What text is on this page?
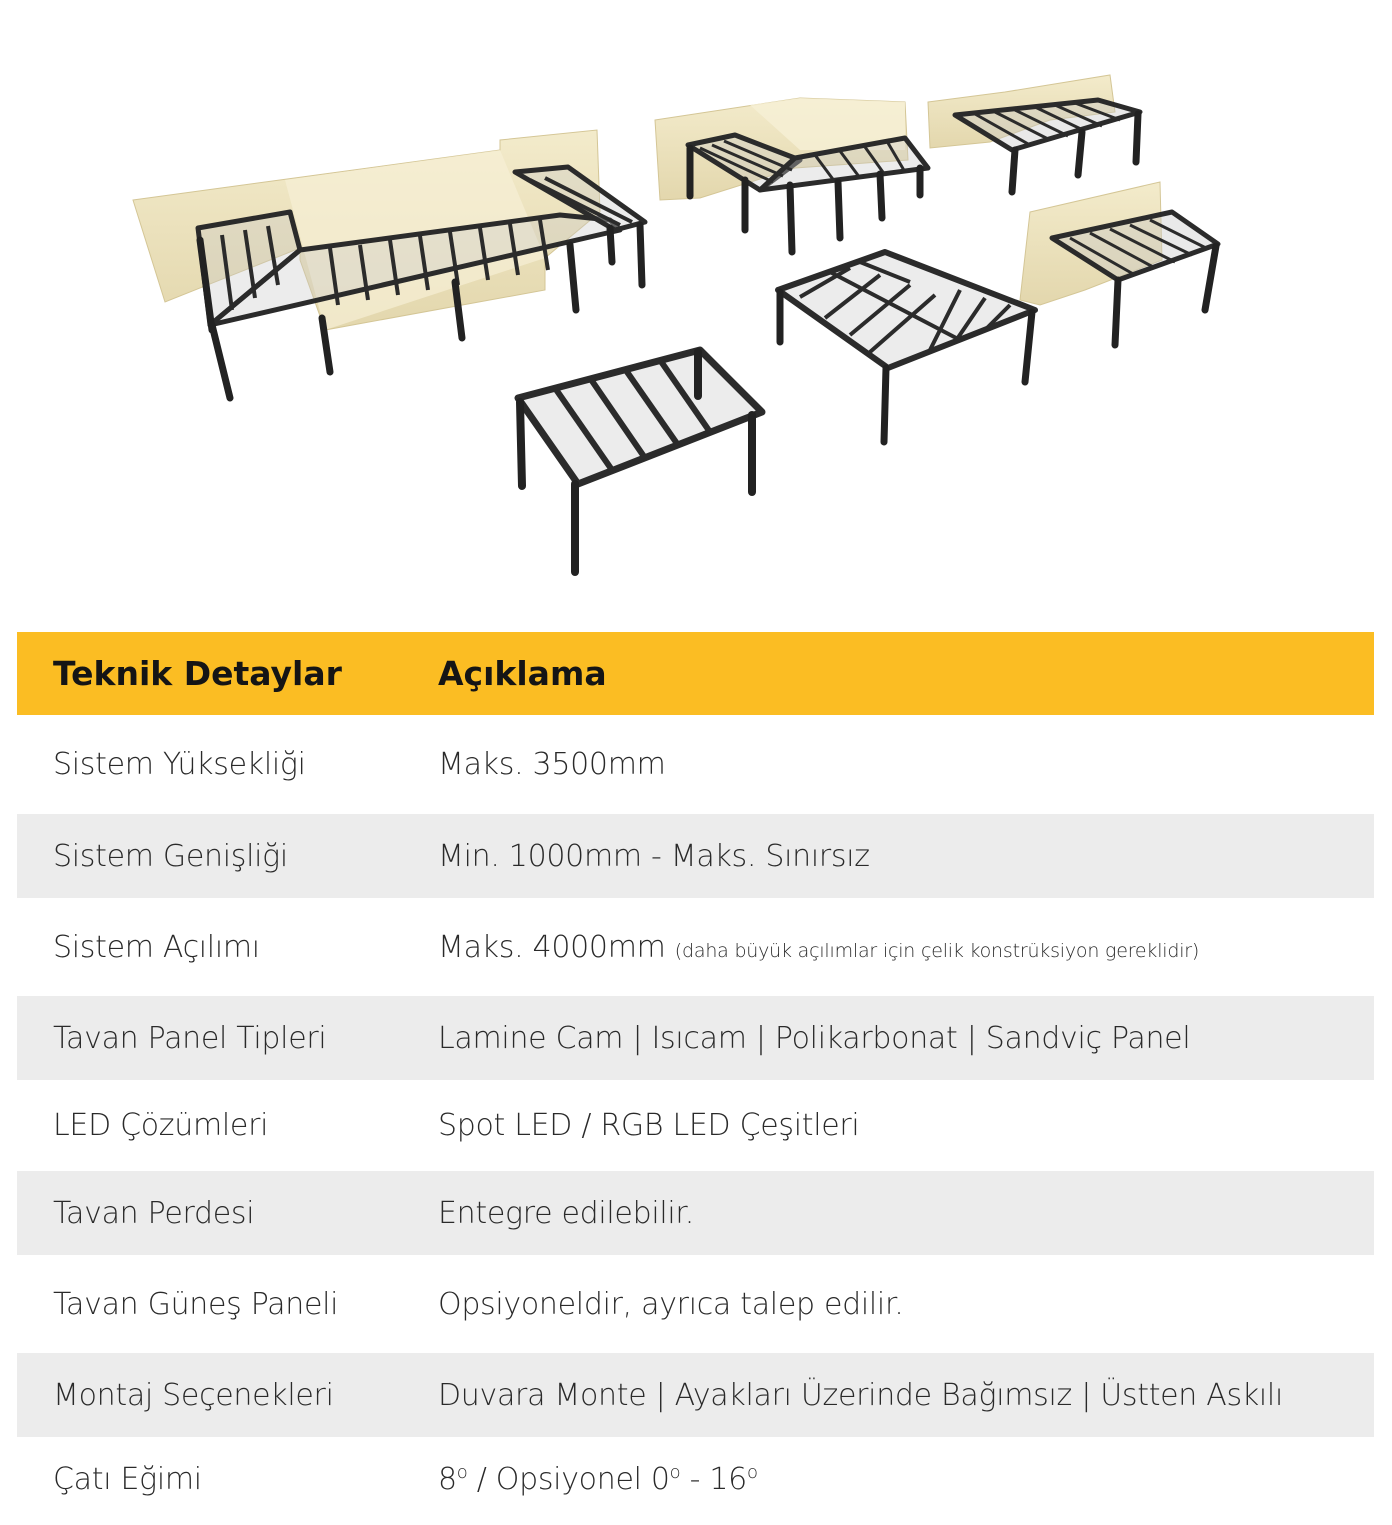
Teknik Detaylar	Açıklama
Sistem Yüksekliği	Maks. 3500mm
Sistem Genişliği	Min. 1000mm - Maks. Sınırsız
Sistem Açılımı	Maks. 4000mm (daha büyük açılımlar için çelik konstrüksiyon gereklidir)
Tavan Panel Tipleri	Lamine Cam | Isıcam | Polikarbonat | Sandviç Panel
LED Çözümleri	Spot LED / RGB LED Çeşitleri
Tavan Perdesi	Entegre edilebilir.
Tavan Güneş Paneli	Opsiyoneldir, ayrıca talep edilir.
Montaj Seçenekleri	Duvara Monte | Ayakları Üzerinde Bağımsız | Üstten Askılı
Çatı Eğimi	8$^o$ / Opsiyonel 0$^o$ - 16$^o$
